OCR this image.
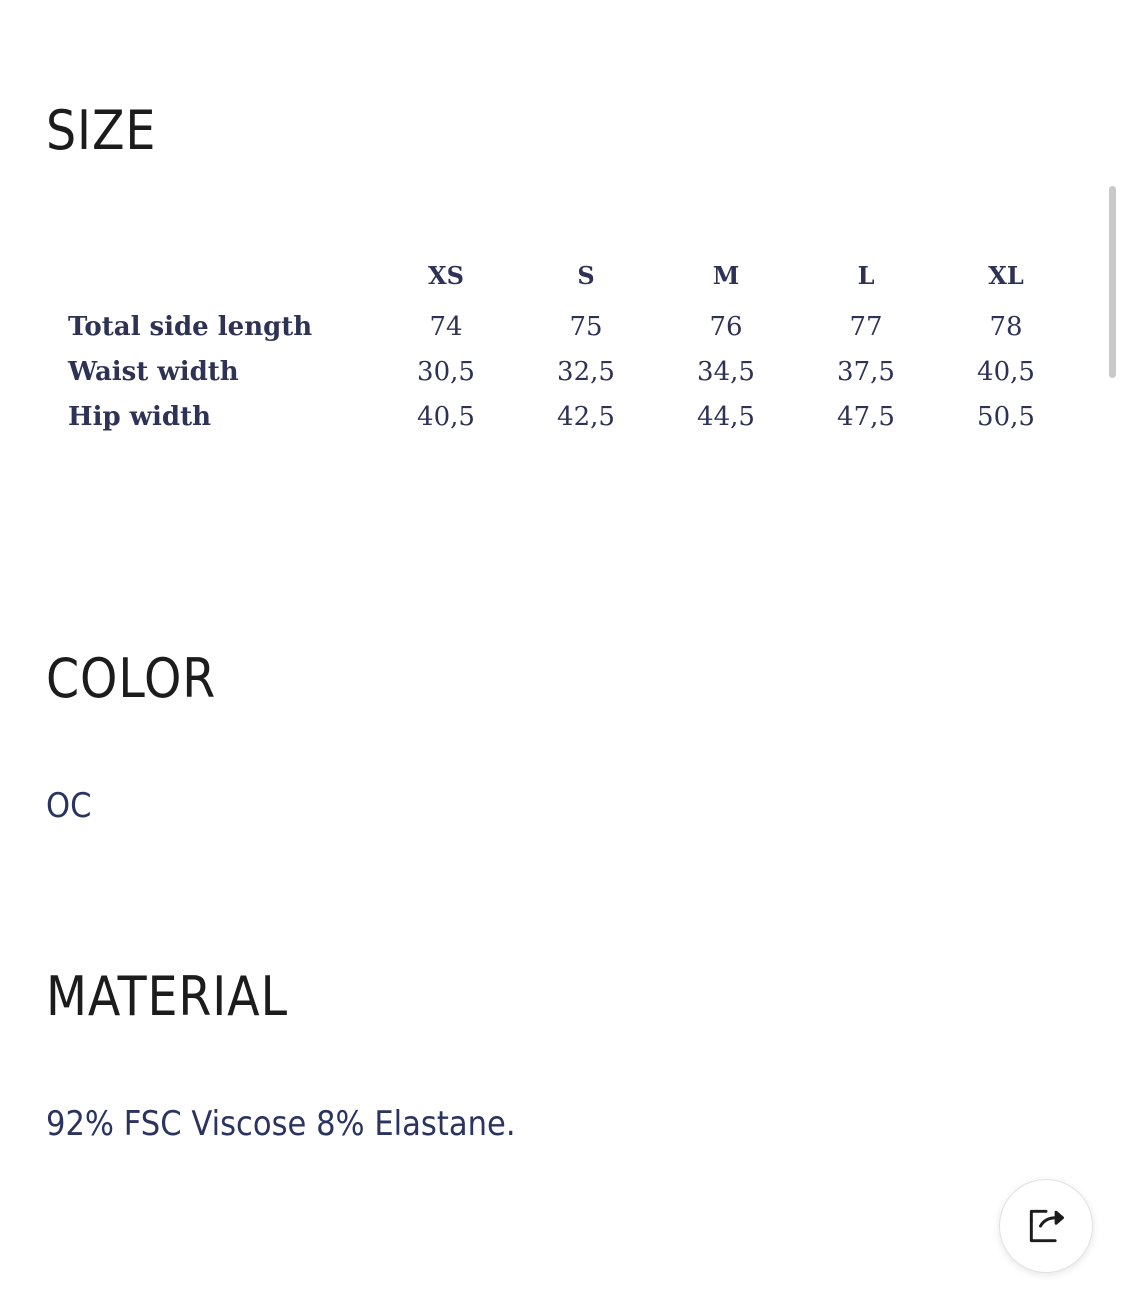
SIZE
	XS	S	M	L	XL
Total side length	74	75	76	77	78
Waist width	30,5	32,5	34,5	37,5	40,5
Hip width	40,5	42,5	44,5	47,5	50,5
COLOR
OC
MATERIAL
92% FSC Viscose 8% Elastane.
